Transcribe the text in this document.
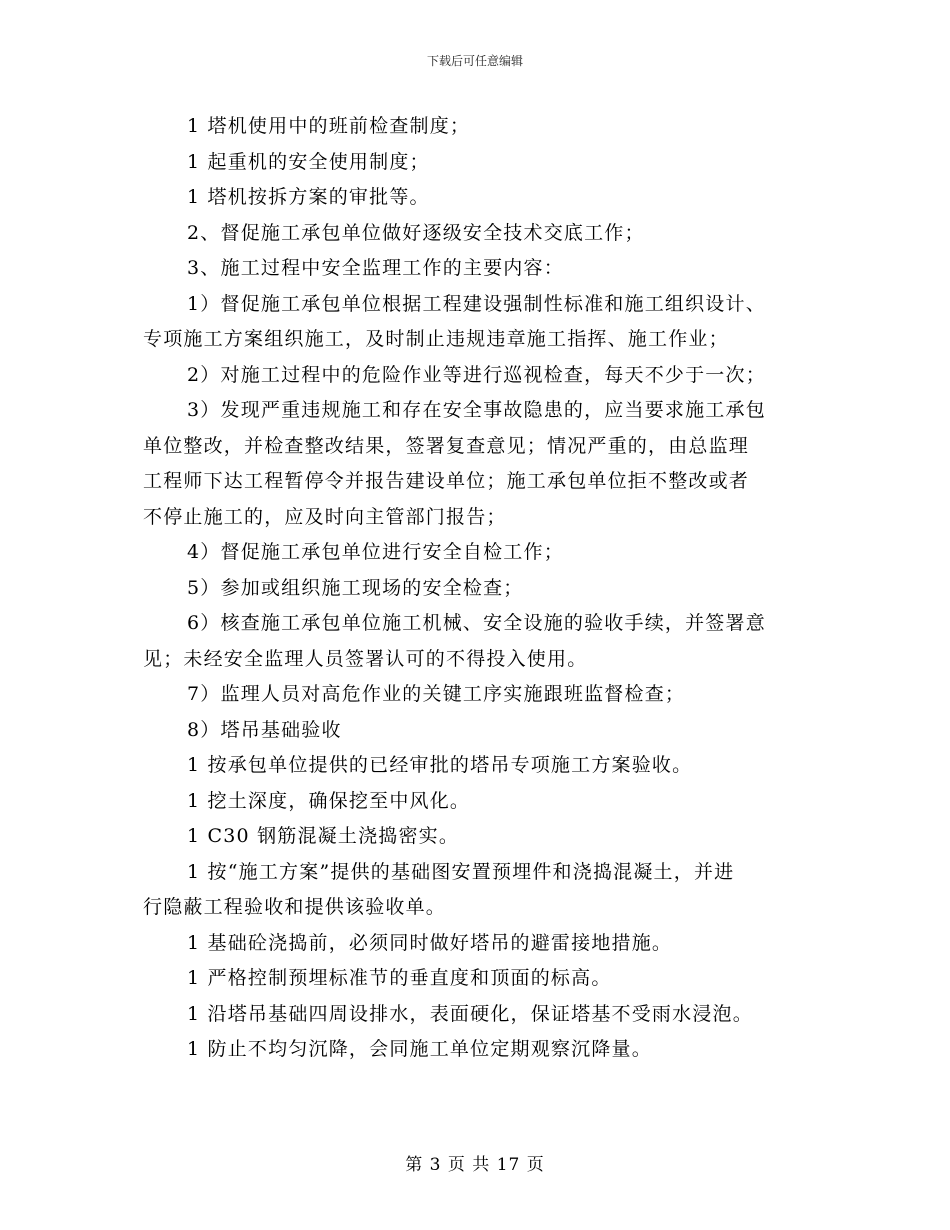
下载后可任意编辑
1 塔机使用中的班前检查制度；
1 起重机的安全使用制度；
1 塔机按拆方案的审批等。
2、督促施工承包单位做好逐级安全技术交底工作；
3、施工过程中安全监理工作的主要内容：
1）督促施工承包单位根据工程建设强制性标准和施工组织设计、
专项施工方案组织施工，及时制止违规违章施工指挥、施工作业；
2）对施工过程中的危险作业等进行巡视检查，每天不少于一次；
3）发现严重违规施工和存在安全事故隐患的，应当要求施工承包
单位整改，并检查整改结果，签署复查意见；情况严重的，由总监理
工程师下达工程暂停令并报告建设单位；施工承包单位拒不整改或者
不停止施工的，应及时向主管部门报告；
4）督促施工承包单位进行安全自检工作；
5）参加或组织施工现场的安全检查；
6）核查施工承包单位施工机械、安全设施的验收手续，并签署意
见；未经安全监理人员签署认可的不得投入使用。
7）监理人员对高危作业的关键工序实施跟班监督检查；
8）塔吊基础验收
1 按承包单位提供的已经审批的塔吊专项施工方案验收。
1 挖土深度，确保挖至中风化。
1 C30 钢筋混凝土浇捣密实。
1 按“施工方案”提供的基础图安置预埋件和浇捣混凝土，并进
行隐蔽工程验收和提供该验收单。
1 基础砼浇捣前，必须同时做好塔吊的避雷接地措施。
1 严格控制预埋标准节的垂直度和顶面的标高。
1 沿塔吊基础四周设排水，表面硬化，保证塔基不受雨水浸泡。
1 防止不均匀沉降，会同施工单位定期观察沉降量。
第 3 页 共 17 页
